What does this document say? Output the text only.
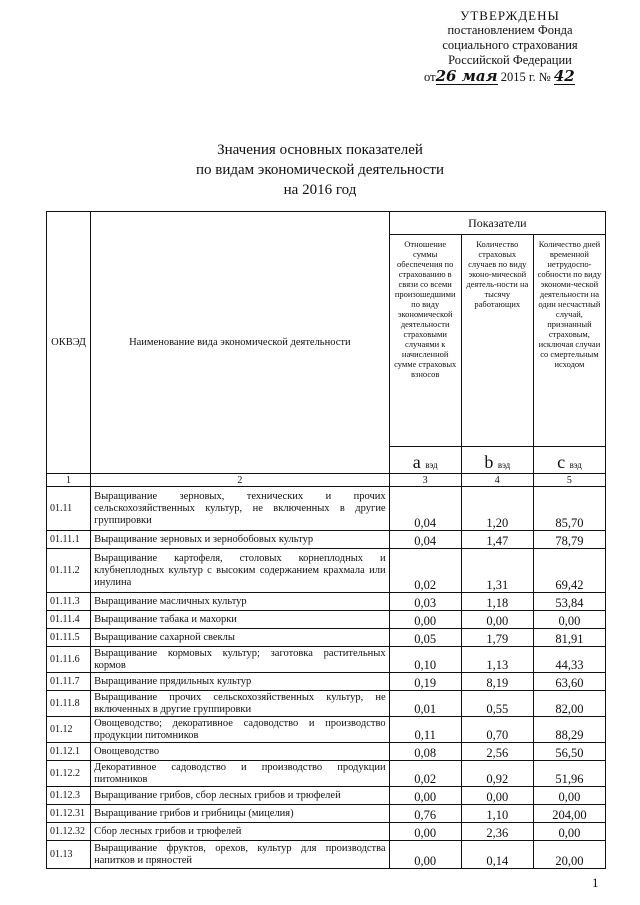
УТВЕРЖДЕНЫ
постановлением Фонда
социального страхования
Российской Федерации
от26 мая 2015 г. № 42
Значения основных показателей
по видам экономической деятельности
на 2016 год
ОКВЭД	Наименование вида экономической деятельности	Показатели		
		Отношение суммы обеспечения по страхованию в связи со всеми произошедшими по виду экономической деятельности страховыми случаями к начисленной сумме страховых взносов	Количество страховых случаев по виду эконо-мической деятель-ности на тысячу работающих	Количество дней временной нетрудоспо-собности по виду экономи-ческой деятельности на один несчастный случай, признанный страховым, исключая случаи со смертельным исходом
		a вэд	b вэд	c вэд
1	2	3	4	5
01.11	Выращивание зерновых, технических и прочих сельскохозяйственных культур, не включенных в другие группировки	0,04	1,20	85,70
01.11.1	Выращивание зерновых и зернобобовых культур	0,04	1,47	78,79
01.11.2	Выращивание картофеля, столовых корнеплодных и клубнеплодных культур с высоким содержанием крахмала или инулина	0,02	1,31	69,42
01.11.3	Выращивание масличных культур	0,03	1,18	53,84
01.11.4	Выращивание табака и махорки	0,00	0,00	0,00
01.11.5	Выращивание сахарной свеклы	0,05	1,79	81,91
01.11.6	Выращивание кормовых культур; заготовка растительных кормов	0,10	1,13	44,33
01.11.7	Выращивание прядильных культур	0,19	8,19	63,60
01.11.8	Выращивание прочих сельскохозяйственных культур, не включенных в другие группировки	0,01	0,55	82,00
01.12	Овощеводство; декоративное садоводство и производство продукции питомников	0,11	0,70	88,29
01.12.1	Овощеводство	0,08	2,56	56,50
01.12.2	Декоративное садоводство и производство продукции питомников	0,02	0,92	51,96
01.12.3	Выращивание грибов, сбор лесных грибов и трюфелей	0,00	0,00	0,00
01.12.31	Выращивание грибов и грибницы (мицелия)	0,76	1,10	204,00
01.12.32	Сбор лесных грибов и трюфелей	0,00	2,36	0,00
01.13	Выращивание фруктов, орехов, культур для производства напитков и пряностей	0,00	0,14	20,00
1
